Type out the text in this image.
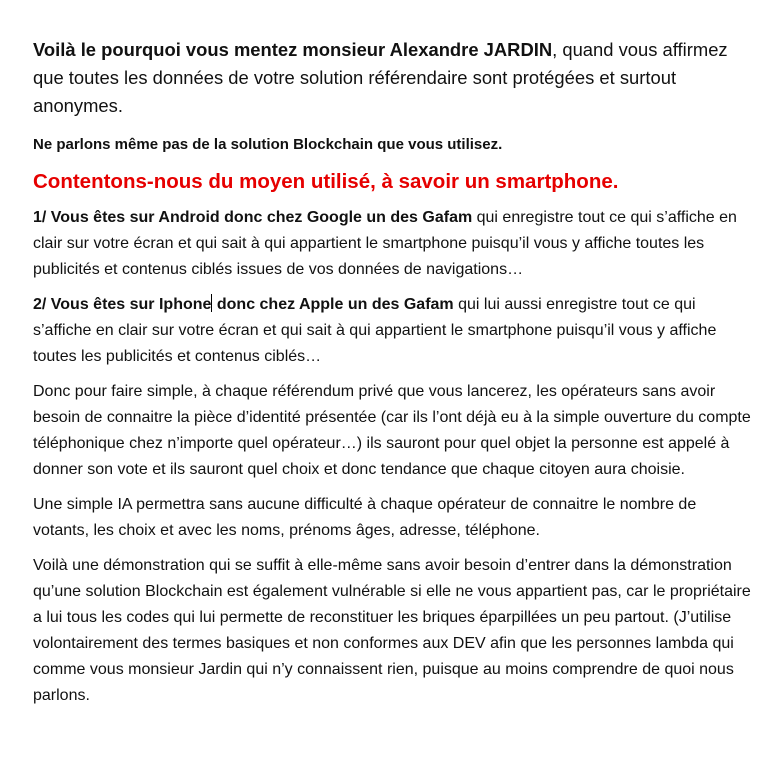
Voilà le pourquoi vous mentez monsieur Alexandre JARDIN, quand vous affirmez que toutes les données de votre solution référendaire sont protégées et surtout anonymes.

Ne parlons même pas de la solution Blockchain que vous utilisez.

Contentons-nous du moyen utilisé, à savoir un smartphone.

1/ Vous êtes sur Android donc chez Google un des Gafam qui enregistre tout ce qui s’affiche en clair sur votre écran et qui sait à qui appartient le smartphone puisqu’il vous y affiche toutes les publicités et contenus ciblés issues de vos données de navigations…

2/ Vous êtes sur Iphone donc chez Apple un des Gafam qui lui aussi enregistre tout ce qui s’affiche en clair sur votre écran et qui sait à qui appartient le smartphone puisqu’il vous y affiche toutes les publicités et contenus ciblés…

Donc pour faire simple, à chaque référendum privé que vous lancerez, les opérateurs sans avoir besoin de connaitre la pièce d’identité présentée (car ils l’ont déjà eu à la simple ouverture du compte téléphonique chez n’importe quel opérateur…) ils sauront pour quel objet la personne est appelé à donner son vote et ils sauront quel choix et donc tendance que chaque citoyen aura choisie.

Une simple IA permettra sans aucune difficulté à chaque opérateur de connaitre le nombre de votants, les choix et avec les noms, prénoms âges, adresse, téléphone.

Voilà une démonstration qui se suffit à elle-même sans avoir besoin d’entrer dans la démonstration qu’une solution Blockchain est également vulnérable si elle ne vous appartient pas, car le propriétaire a lui tous les codes qui lui permette de reconstituer les briques éparpillées un peu partout. (J’utilise volontairement des termes basiques et non conformes aux DEV afin que les personnes lambda qui comme vous monsieur Jardin qui n’y connaissent rien, puisque au moins comprendre de quoi nous parlons.
